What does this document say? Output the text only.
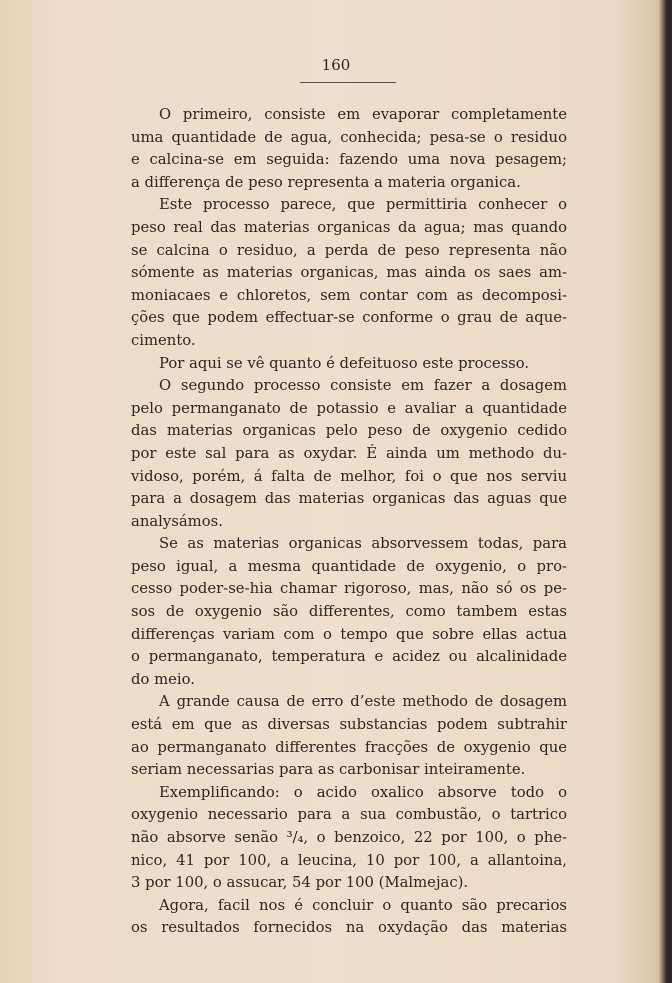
160
O primeiro, consiste em evaporar completamente
uma quantidade de agua, conhecida; pesa-se o residuo
e calcina-se em seguida: fazendo uma nova pesagem;
a differença de peso representa a materia organica.
Este processo parece, que permittiria conhecer o
peso real das materias organicas da agua; mas quando
se calcina o residuo, a perda de peso representa não
sómente as materias organicas, mas ainda os saes am-
moniacaes e chloretos, sem contar com as decomposi-
ções que podem effectuar-se conforme o grau de aque-
cimento.
Por aqui se vê quanto é defeituoso este processo.
O segundo processo consiste em fazer a dosagem
pelo permanganato de potassio e avaliar a quantidade
das materias organicas pelo peso de oxygenio cedido
por este sal para as oxydar. É ainda um methodo du-
vidoso, porém, á falta de melhor, foi o que nos serviu
para a dosagem das materias organicas das aguas que
analysámos.
Se as materias organicas absorvessem todas, para
peso igual, a mesma quantidade de oxygenio, o pro-
cesso poder-se-hia chamar rigoroso, mas, não só os pe-
sos de oxygenio são differentes, como tambem estas
differenças variam com o tempo que sobre ellas actua
o permanganato, temperatura e acidez ou alcalinidade
do meio.
A grande causa de erro d’este methodo de dosagem
está em que as diversas substancias podem subtrahir
ao permanganato differentes fracções de oxygenio que
seriam necessarias para as carbonisar inteiramente.
Exemplificando: o acido oxalico absorve todo o
oxygenio necessario para a sua combustão, o tartrico
não absorve senão ³/₄, o benzoico, 22 por 100, o phe-
nico, 41 por 100, a leucina, 10 por 100, a allantoina,
3 por 100, o assucar, 54 por 100 (Malmejac).
Agora, facil nos é concluir o quanto são precarios
os resultados fornecidos na oxydação das materias
